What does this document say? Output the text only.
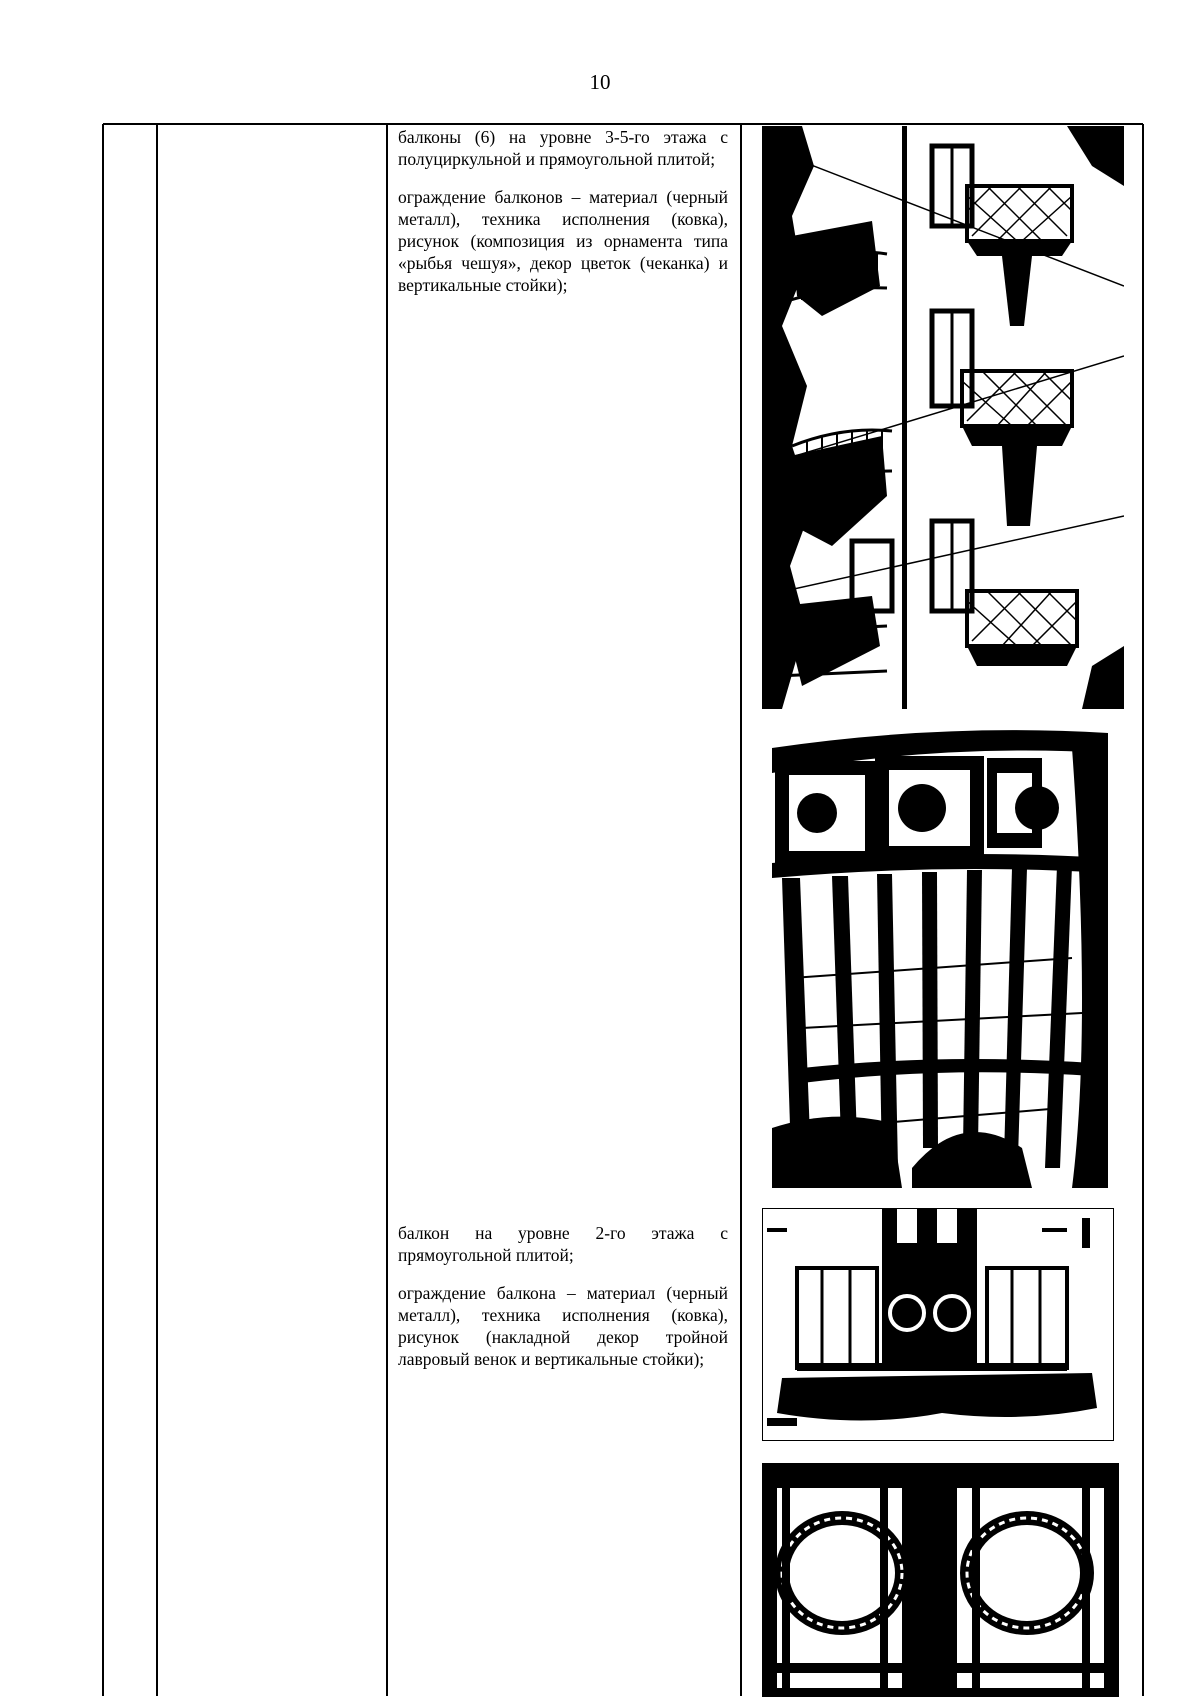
10

балконы (6) на уровне 3-5-го этажа с полуциркульной и прямоугольной плитой;

ограждение балконов – материал (черный металл), техника исполнения (ковка), рисунок (композиция из орнамента типа «рыбья чешуя», декор цветок (чеканка) и вертикальные стойки);

балкон на уровне 2-го этажа с прямоугольной плитой;

ограждение балкона – материал (черный металл), техника исполнения (ковка), рисунок (накладной декор тройной лавровый венок и вертикальные стойки);
